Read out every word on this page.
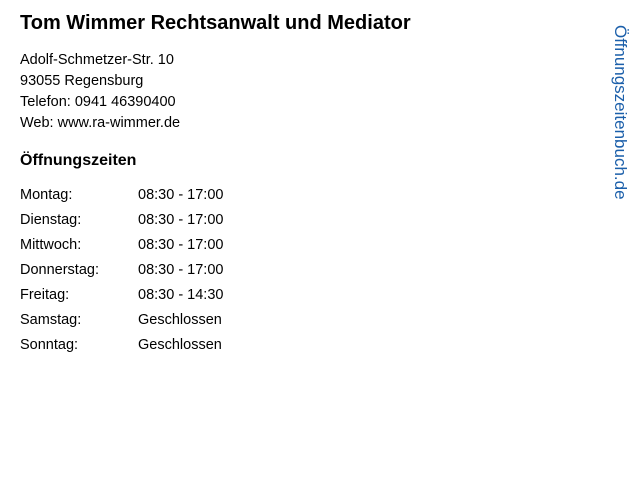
Tom Wimmer Rechtsanwalt und Mediator
Adolf-Schmetzer-Str. 10
93055 Regensburg
Telefon: 0941 46390400
Web: www.ra-wimmer.de
Öffnungszeiten
Montag:	08:30 - 17:00
Dienstag:	08:30 - 17:00
Mittwoch:	08:30 - 17:00
Donnerstag:	08:30 - 17:00
Freitag:	08:30 - 14:30
Samstag:	Geschlossen
Sonntag:	Geschlossen
Öffnungszeitenbuch.de
